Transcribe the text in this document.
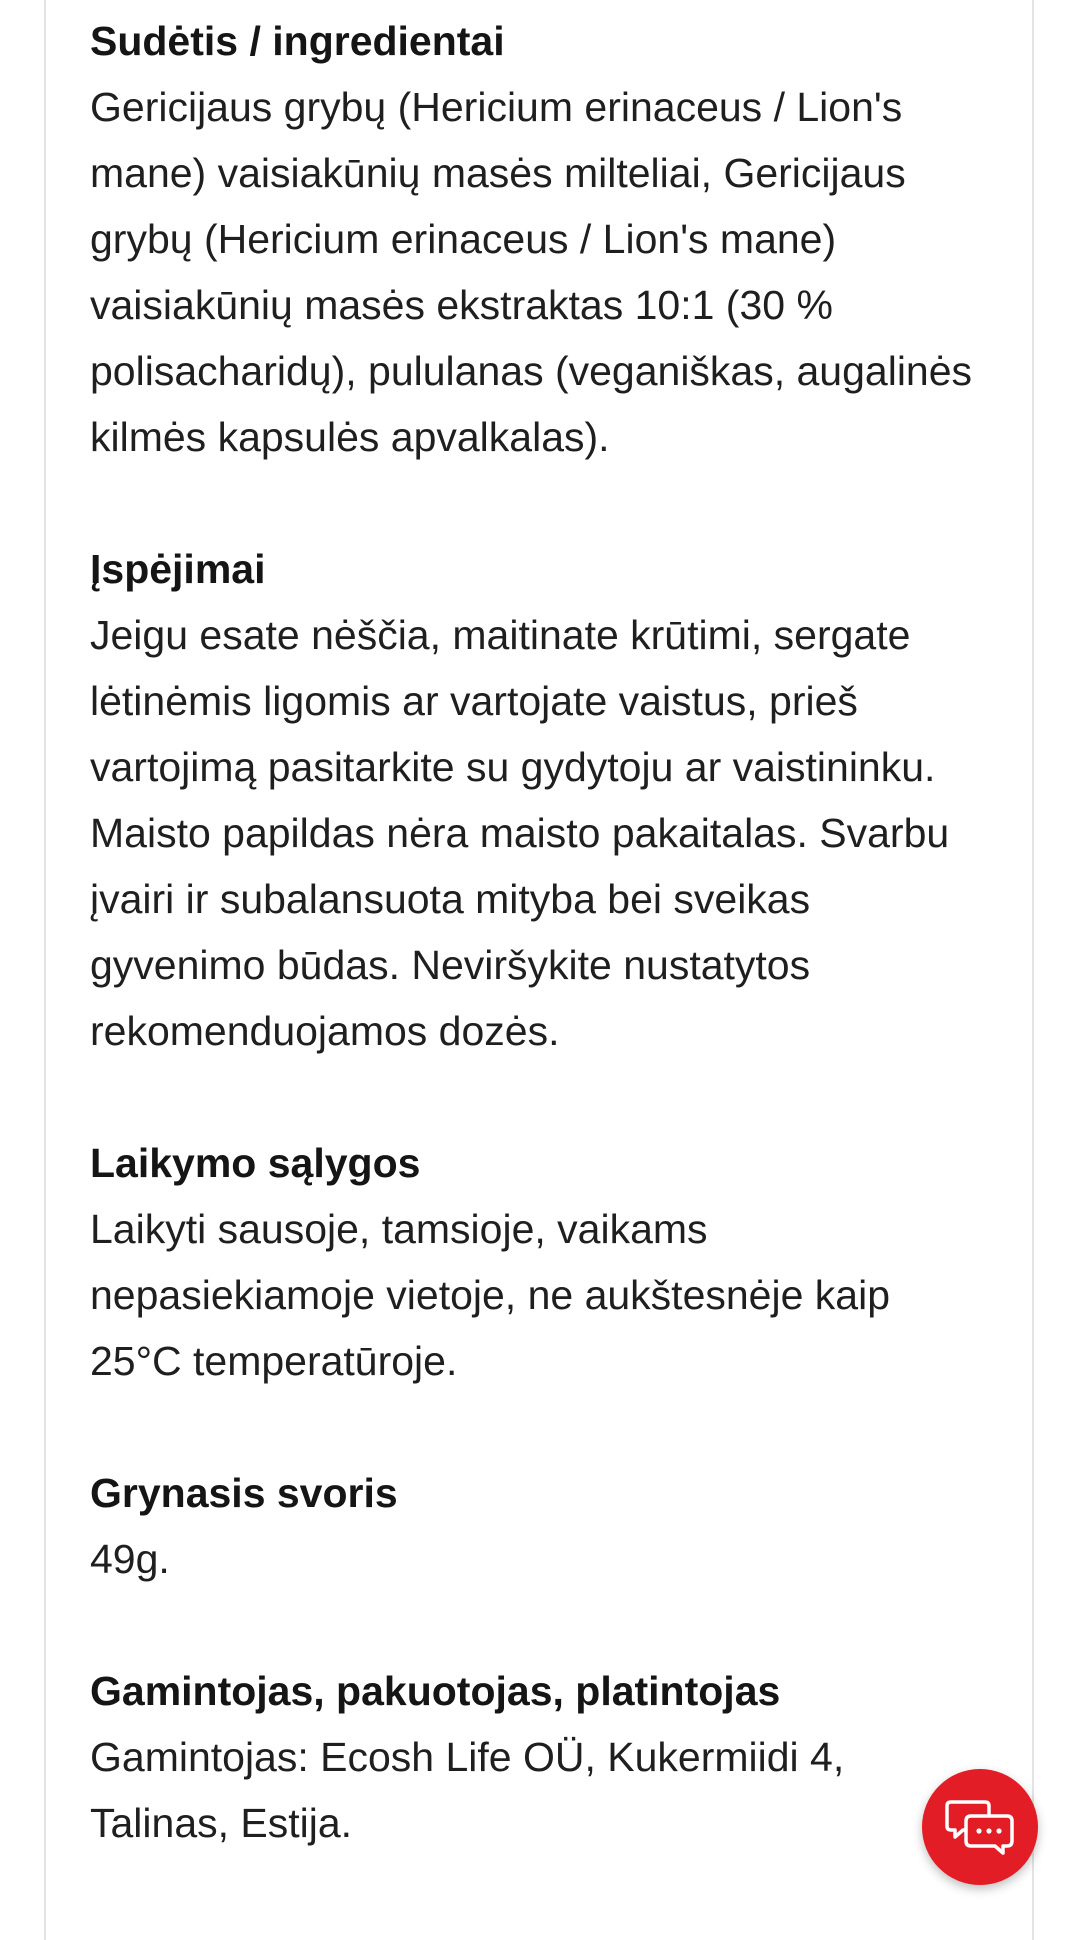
Sudėtis / ingredientai

Gericijaus grybų (Hericium erinaceus / Lion's mane) vaisiakūnių masės milteliai, Gericijaus grybų (Hericium erinaceus / Lion's mane) vaisiakūnių masės ekstraktas 10:1 (30 % polisacharidų), pululanas (veganiškas, augalinės kilmės kapsulės apvalkalas).

Įspėjimai

Jeigu esate nėščia, maitinate krūtimi, sergate lėtinėmis ligomis ar vartojate vaistus, prieš vartojimą pasitarkite su gydytoju ar vaistininku. Maisto papildas nėra maisto pakaitalas. Svarbu įvairi ir subalansuota mityba bei sveikas gyvenimo būdas. Neviršykite nustatytos rekomenduojamos dozės.

Laikymo sąlygos

Laikyti sausoje, tamsioje, vaikams nepasiekiamoje vietoje, ne aukštesnėje kaip 25°C temperatūroje.

Grynasis svoris

49g.

Gamintojas, pakuotojas, platintojas

Gamintojas: Ecosh Life OÜ, Kukermiidi 4, Talinas, Estija.
